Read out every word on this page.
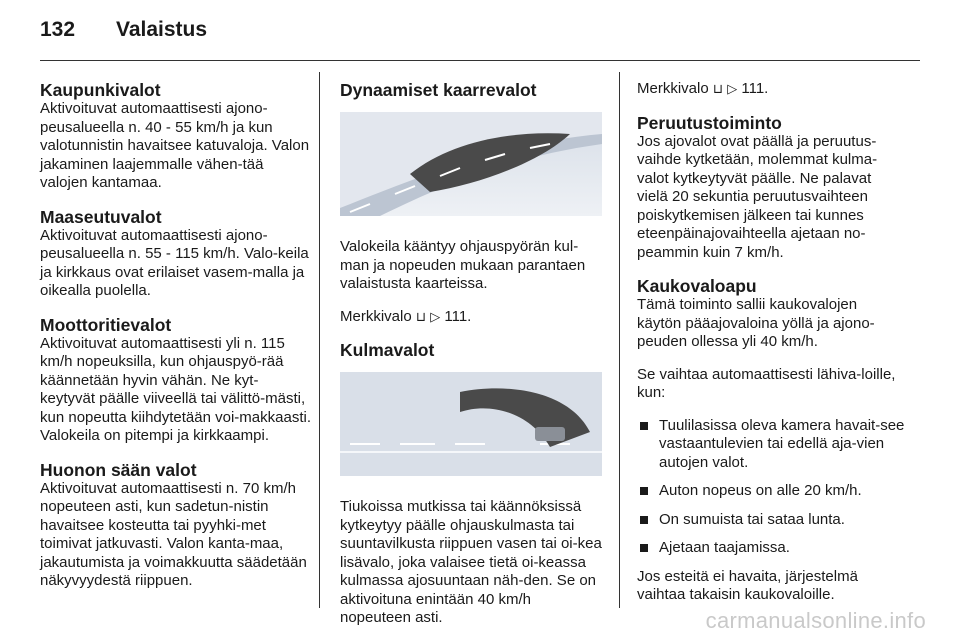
132 Valaistus
Kaupunkivalot

Aktivoituvat automaattisesti ajono-peusalueella n. 40 - 55 km/h ja kun valotunnistin havaitsee katuvaloja. Valon jakaminen laajemmalle vähen-tää valojen kantamaa.

Maaseutuvalot

Aktivoituvat automaattisesti ajono-peusalueella n. 55 - 115 km/h. Valo-keila ja kirkkaus ovat erilaiset vasem-malla ja oikealla puolella.

Moottoritievalot

Aktivoituvat automaattisesti yli n. 115 km/h nopeuksilla, kun ohjauspyö-rää käännetään hyvin vähän. Ne kyt-keytyvät päälle viiveellä tai välittö-mästi, kun nopeutta kiihdytetään voi-makkaasti. Valokeila on pitempi ja kirkkaampi.

Huonon sään valot

Aktivoituvat automaattisesti n. 70 km/h nopeuteen asti, kun sadetun-nistin havaitsee kosteutta tai pyyhki-met toimivat jatkuvasti. Valon kanta-maa, jakautumista ja voimakkuutta säädetään näkyvyydestä riippuen.

Dynaamiset kaarrevalot

Valokeila kääntyy ohjauspyörän kul-man ja nopeuden mukaan parantaen valaistusta kaarteissa.

Merkkivalo ⊔ ▷ 111.

Kulmavalot

Tiukoissa mutkissa tai käännöksissä kytkeytyy päälle ohjauskulmasta tai suuntavilkusta riippuen vasen tai oi-kea lisävalo, joka valaisee tietä oi-keassa kulmassa ajosuuntaan näh-den. Se on aktivoituna enintään 40 km/h nopeuteen asti.

Merkkivalo ⊔ ▷ 111.

Peruutustoiminto

Jos ajovalot ovat päällä ja peruutus-vaihde kytketään, molemmat kulma-valot kytkeytyvät päälle. Ne palavat vielä 20 sekuntia peruutusvaihteen poiskytkemisen jälkeen tai kunnes eteenpäinajovaihteella ajetaan no-peammin kuin 7 km/h.

Kaukovaloapu

Tämä toiminto sallii kaukovalojen käytön pääajovaloina yöllä ja ajono-peuden ollessa yli 40 km/h.

Se vaihtaa automaattisesti lähiva-loille, kun:

Tuulilasissa oleva kamera havait-see vastaantulevien tai edellä aja-vien autojen valot.
Auton nopeus on alle 20 km/h.
On sumuista tai sataa lunta.
Ajetaan taajamissa.

Jos esteitä ei havaita, järjestelmä vaihtaa takaisin kaukovaloille.

carmanualsonline.info
